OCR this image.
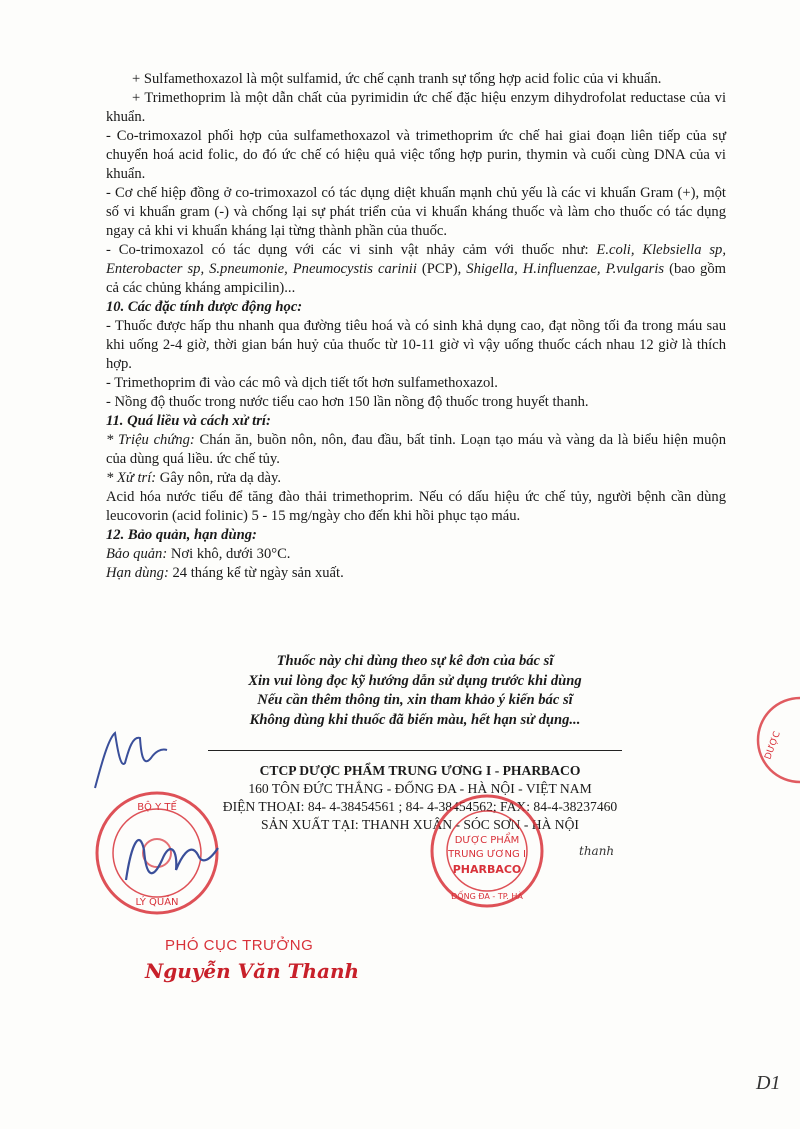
+ Sulfamethoxazol là một sulfamid, ức chế cạnh tranh sự tổng hợp acid folic của vi khuẩn.

+ Trimethoprim là một dẫn chất của pyrimidin ức chế đặc hiệu enzym dihydrofolat reductase của vi khuẩn.

- Co-trimoxazol phối hợp của sulfamethoxazol và trimethoprim ức chế hai giai đoạn liên tiếp của sự chuyển hoá acid folic, do đó ức chế có hiệu quả việc tổng hợp purin, thymin và cuối cùng DNA của vi khuẩn.

- Cơ chế hiệp đồng ở co-trimoxazol có tác dụng diệt khuẩn mạnh chủ yếu là các vi khuẩn Gram (+), một số vi khuẩn gram (-) và chống lại sự phát triển của vi khuẩn kháng thuốc và làm cho thuốc có tác dụng ngay cả khi vi khuẩn kháng lại từng thành phần của thuốc.

- Co-trimoxazol có tác dụng với các vi sinh vật nhảy cảm với thuốc như: E.coli, Klebsiella sp, Enterobacter sp, S.pneumonie, Pneumocystis carinii (PCP), Shigella, H.influenzae, P.vulgaris (bao gồm cả các chủng kháng ampicilin)...

10. Các đặc tính dược động học:

- Thuốc được hấp thu nhanh qua đường tiêu hoá và có sinh khả dụng cao, đạt nồng tối đa trong máu sau khi uống 2-4 giờ, thời gian bán huỷ của thuốc từ 10-11 giờ vì vậy uống thuốc cách nhau 12 giờ là thích hợp.

- Trimethoprim đi vào các mô và dịch tiết tốt hơn sulfamethoxazol.

- Nồng độ thuốc trong nước tiểu cao hơn 150 lần nồng độ thuốc trong huyết thanh.

11. Quá liều và cách xử trí:

* Triệu chứng: Chán ăn, buồn nôn, nôn, đau đầu, bất tỉnh. Loạn tạo máu và vàng da là biểu hiện muộn của dùng quá liều. ức chế tủy.

* Xử trí: Gây nôn, rửa dạ dày.

Acid hóa nước tiểu để tăng đào thải trimethoprim. Nếu có dấu hiệu ức chế tủy, người bệnh cần dùng leucovorin (acid folinic) 5 - 15 mg/ngày cho đến khi hồi phục tạo máu.

12. Bảo quản, hạn dùng:

Bảo quản: Nơi khô, dưới 30°C.

Hạn dùng: 24 tháng kể từ ngày sản xuất.

Thuốc này chỉ dùng theo sự kê đơn của bác sĩ
Xin vui lòng đọc kỹ hướng dẫn sử dụng trước khi dùng
Nếu cần thêm thông tin, xin tham khảo ý kiến bác sĩ
Không dùng khi thuốc đã biến màu, hết hạn sử dụng...
CTCP DƯỢC PHẨM TRUNG ƯƠNG I - PHARBACO
160 TÔN ĐỨC THẮNG - ĐỐNG ĐA - HÀ NỘI - VIỆT NAM
ĐIỆN THOẠI: 84- 4-38454561 ; 84- 4-38454562; FAX: 84-4-38237460
SẢN XUẤT TẠI: THANH XUÂN - SÓC SƠN - HÀ NỘI
BỘ Y TẾ
LÝ QUẢN
DƯỢC PHẨM
TRUNG ƯƠNG I
PHARBACO
ĐỐNG ĐA - TP. HÀ
DƯỢC
thanh
PHÓ CỤC TRƯỞNG
Nguyễn Văn Thanh
D1
